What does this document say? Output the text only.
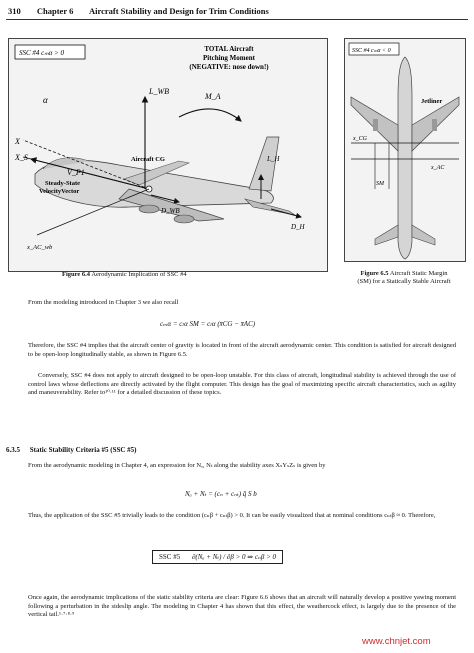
310 Chapter 6 Aircraft Stability and Design for Trim Conditions
SSC #4 cₘα > 0	TOTAL Aircraft
Pitching Moment
(NEGATIVE: nose down!)
M_A
L_WB
X
X_S
α
V_P1
Steady-State
VelocityVector
Aircraft CG
D_WB
L_H
D_H
x_AC_wb
Figure 6.4 Aerodynamic Implication of SSC #4
SSC #4 cₘα < 0
Jetliner
x_CG
x_AC
SM
Figure 6.5 Aircraft Static Margin
(SM) for a Statically Stable Aircraft
From the modeling introduced in Chapter 3 we also recall
cₘα = cₗα SM = cₗα (x̄CG − x̄AC)
Therefore, the SSC #4 implies that the aircraft center of gravity is located in front of the aircraft aerodynamic center. This condition is satisfied for aircraft designed to be open-loop longitudinally stable, as shown in Figure 6.5.
Conversely, SSC #4 does not apply to aircraft designed to be open-loop unstable. For this class of aircraft, longitudinal stability is achieved through the use of control laws whose deflections are directly activated by the flight computer. This design has the goal of maximizing specific aircraft characteristics, such as agility and maneuverability. Refer to¹⁰·¹¹ for a detailed discussion of these topics.
6.3.5 Static Stability Criteria #5 (SSC #5)
From the aerodynamic modeling in Chapter 4, an expression for Nₐ, Nₜ along the stability axes XₛYₛZₛ is given by
Nₐ + Nₜ = (cₙ + cₙₜ) q̄ S b
Thus, the application of the SSC #5 trivially leads to the condition (cₙβ + cₙₜβ) > 0. It can be easily visualized that at nominal conditions cₙₜβ ≈ 0. Therefore,
SSC #5 ∂(Nₐ + Nₜ) / ∂β > 0 ⇒ cₙβ > 0
Once again, the aerodynamic implications of the static stability criteria are clear: Figure 6.6 shows that an aircraft will naturally develop a positive yawing moment following a perturbation in the sideslip angle. The modeling in Chapter 4 has shown that this effect, the weathercock effect, is largely due to the presence of the vertical tail.¹·⁷·⁸·⁹
www.chnjet.com
